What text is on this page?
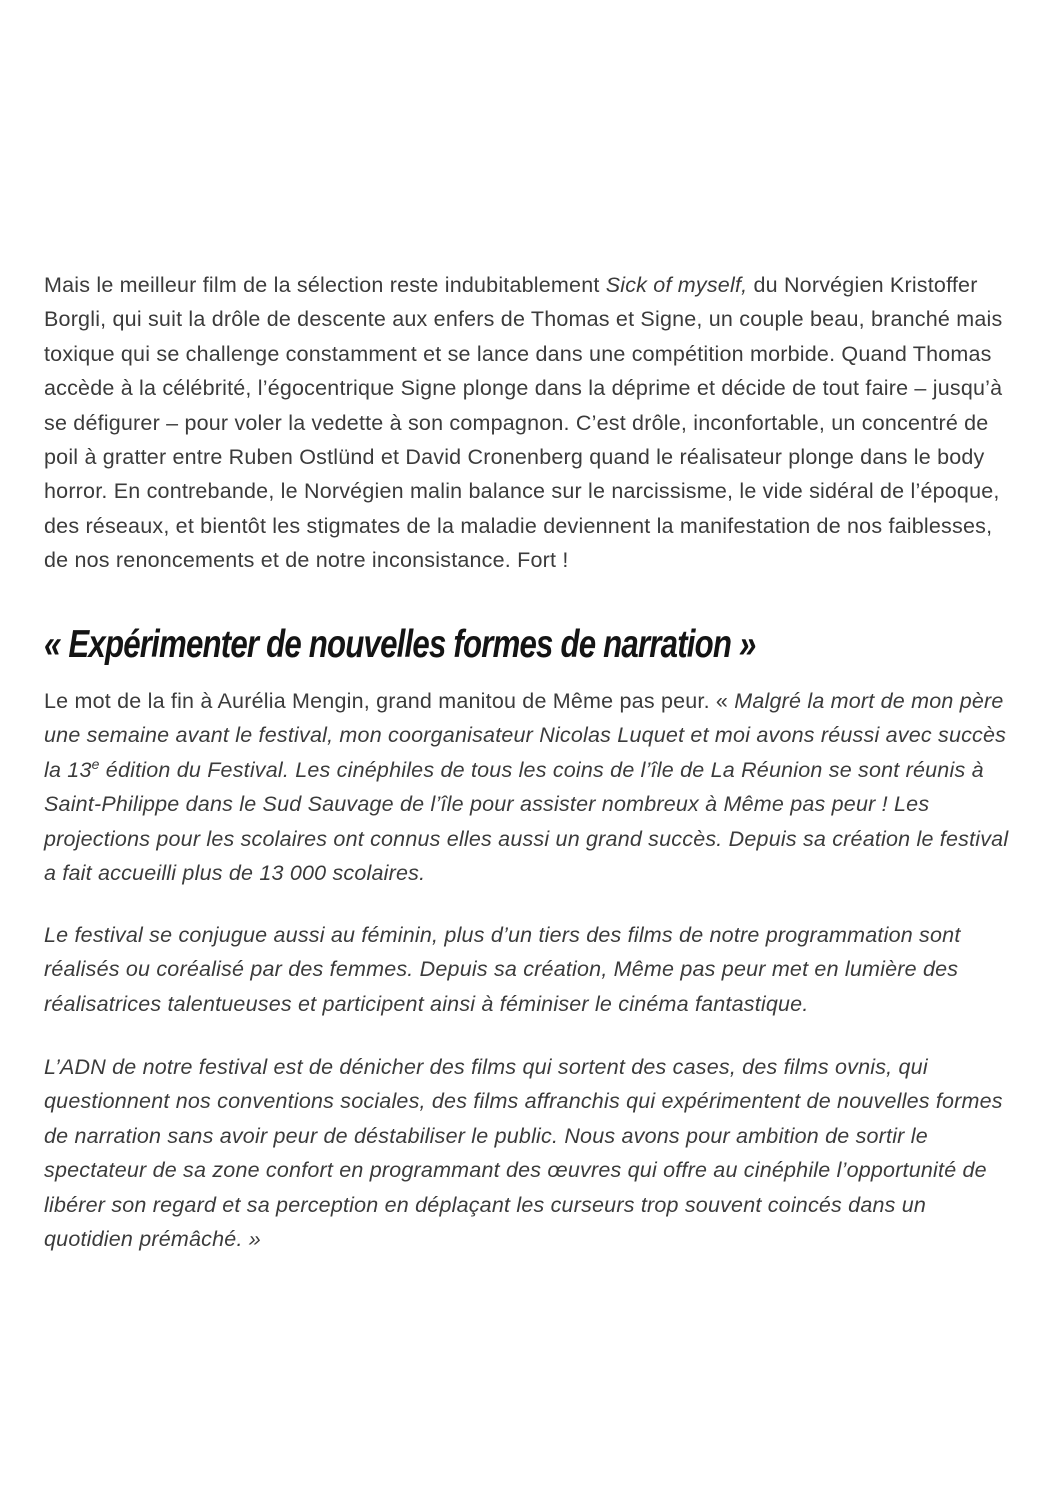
Mais le meilleur film de la sélection reste indubitablement Sick of myself, du Norvégien Kristoffer Borgli, qui suit la drôle de descente aux enfers de Thomas et Signe, un couple beau, branché mais toxique qui se challenge constamment et se lance dans une compétition morbide. Quand Thomas accède à la célébrité, l’égocentrique Signe plonge dans la déprime et décide de tout faire – jusqu’à se défigurer – pour voler la vedette à son compagnon. C’est drôle, inconfortable, un concentré de poil à gratter entre Ruben Ostlünd et David Cronenberg quand le réalisateur plonge dans le body horror. En contrebande, le Norvégien malin balance sur le narcissisme, le vide sidéral de l’époque, des réseaux, et bientôt les stigmates de la maladie deviennent la manifestation de nos faiblesses, de nos renoncements et de notre inconsistance. Fort !

« Expérimenter de nouvelles formes de narration »

Le mot de la fin à Aurélia Mengin, grand manitou de Même pas peur. « Malgré la mort de mon père une semaine avant le festival, mon coorganisateur Nicolas Luquet et moi avons réussi avec succès la 13e édition du Festival. Les cinéphiles de tous les coins de l’île de La Réunion se sont réunis à Saint-Philippe dans le Sud Sauvage de l’île pour assister nombreux à Même pas peur ! Les projections pour les scolaires ont connus elles aussi un grand succès. Depuis sa création le festival a fait accueilli plus de 13 000 scolaires.

Le festival se conjugue aussi au féminin, plus d’un tiers des films de notre programmation sont réalisés ou coréalisé par des femmes. Depuis sa création, Même pas peur met en lumière des réalisatrices talentueuses et participent ainsi à féminiser le cinéma fantastique.

L’ADN de notre festival est de dénicher des films qui sortent des cases, des films ovnis, qui questionnent nos conventions sociales, des films affranchis qui expérimentent de nouvelles formes de narration sans avoir peur de déstabiliser le public. Nous avons pour ambition de sortir le spectateur de sa zone confort en programmant des œuvres qui offre au cinéphile l’opportunité de libérer son regard et sa perception en déplaçant les curseurs trop souvent coincés dans un quotidien prémâché. »
